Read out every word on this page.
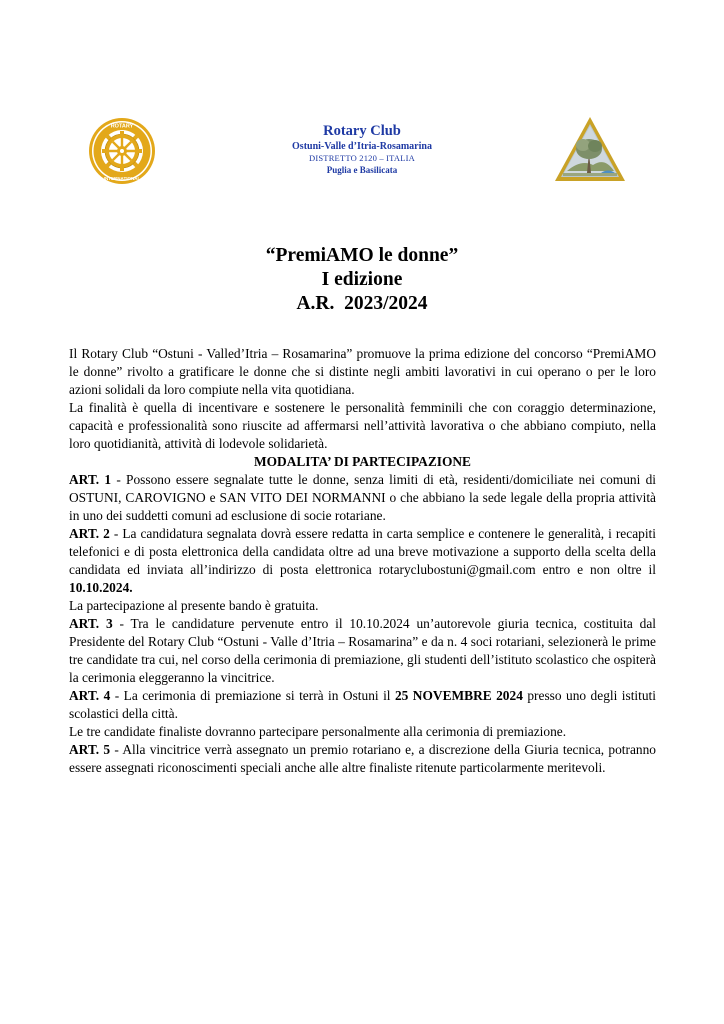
ROTARY
INTERNATIONAL
Rotary Club
Ostuni-Valle d’Itria-Rosamarina
DISTRETTO 2120 – ITALIA
Puglia e Basilicata
“PremiAMO le donne”
I edizione
A.R.  2023/2024

Il Rotary Club “Ostuni - Valled’Itria – Rosamarina” promuove la prima edizione del concorso “PremiAMO le donne” rivolto a gratificare le donne che si distinte negli ambiti lavorativi in cui operano o per le loro azioni solidali da loro compiute nella vita quotidiana.

La finalità è quella di incentivare e sostenere le personalità femminili che con coraggio determinazione, capacità e professionalità sono riuscite ad affermarsi nell’attività lavorativa o che abbiano compiuto, nella loro quotidianità, attività di lodevole solidarietà.

MODALITA’ DI PARTECIPAZIONE

ART. 1 - Possono essere segnalate tutte le donne, senza limiti di età, residenti/domiciliate nei comuni di OSTUNI, CAROVIGNO e SAN VITO DEI NORMANNI o che abbiano la sede legale della propria attività in uno dei suddetti comuni ad esclusione di socie rotariane.

ART. 2 - La candidatura segnalata dovrà essere redatta in carta semplice e contenere le generalità, i recapiti telefonici e di posta elettronica della candidata oltre ad una breve motivazione a supporto della scelta della candidata ed inviata all’indirizzo di posta elettronica rotaryclubostuni@gmail.com entro e non oltre il 10.10.2024.

La partecipazione al presente bando è gratuita.

ART. 3 - Tra le candidature pervenute entro il 10.10.2024 un’autorevole giuria tecnica, costituita dal Presidente del Rotary Club “Ostuni - Valle d’Itria – Rosamarina” e da n. 4 soci rotariani, selezionerà le prime tre candidate tra cui, nel corso della cerimonia di premiazione, gli studenti dell’istituto scolastico che ospiterà la cerimonia eleggeranno la vincitrice.

ART. 4 - La cerimonia di premiazione si terrà in Ostuni il 25 NOVEMBRE 2024 presso uno degli istituti scolastici della città.

Le tre candidate finaliste dovranno partecipare personalmente alla cerimonia di premiazione.

ART. 5 - Alla vincitrice verrà assegnato un premio rotariano e, a discrezione della Giuria tecnica, potranno essere assegnati riconoscimenti speciali anche alle altre finaliste ritenute particolarmente meritevoli.
